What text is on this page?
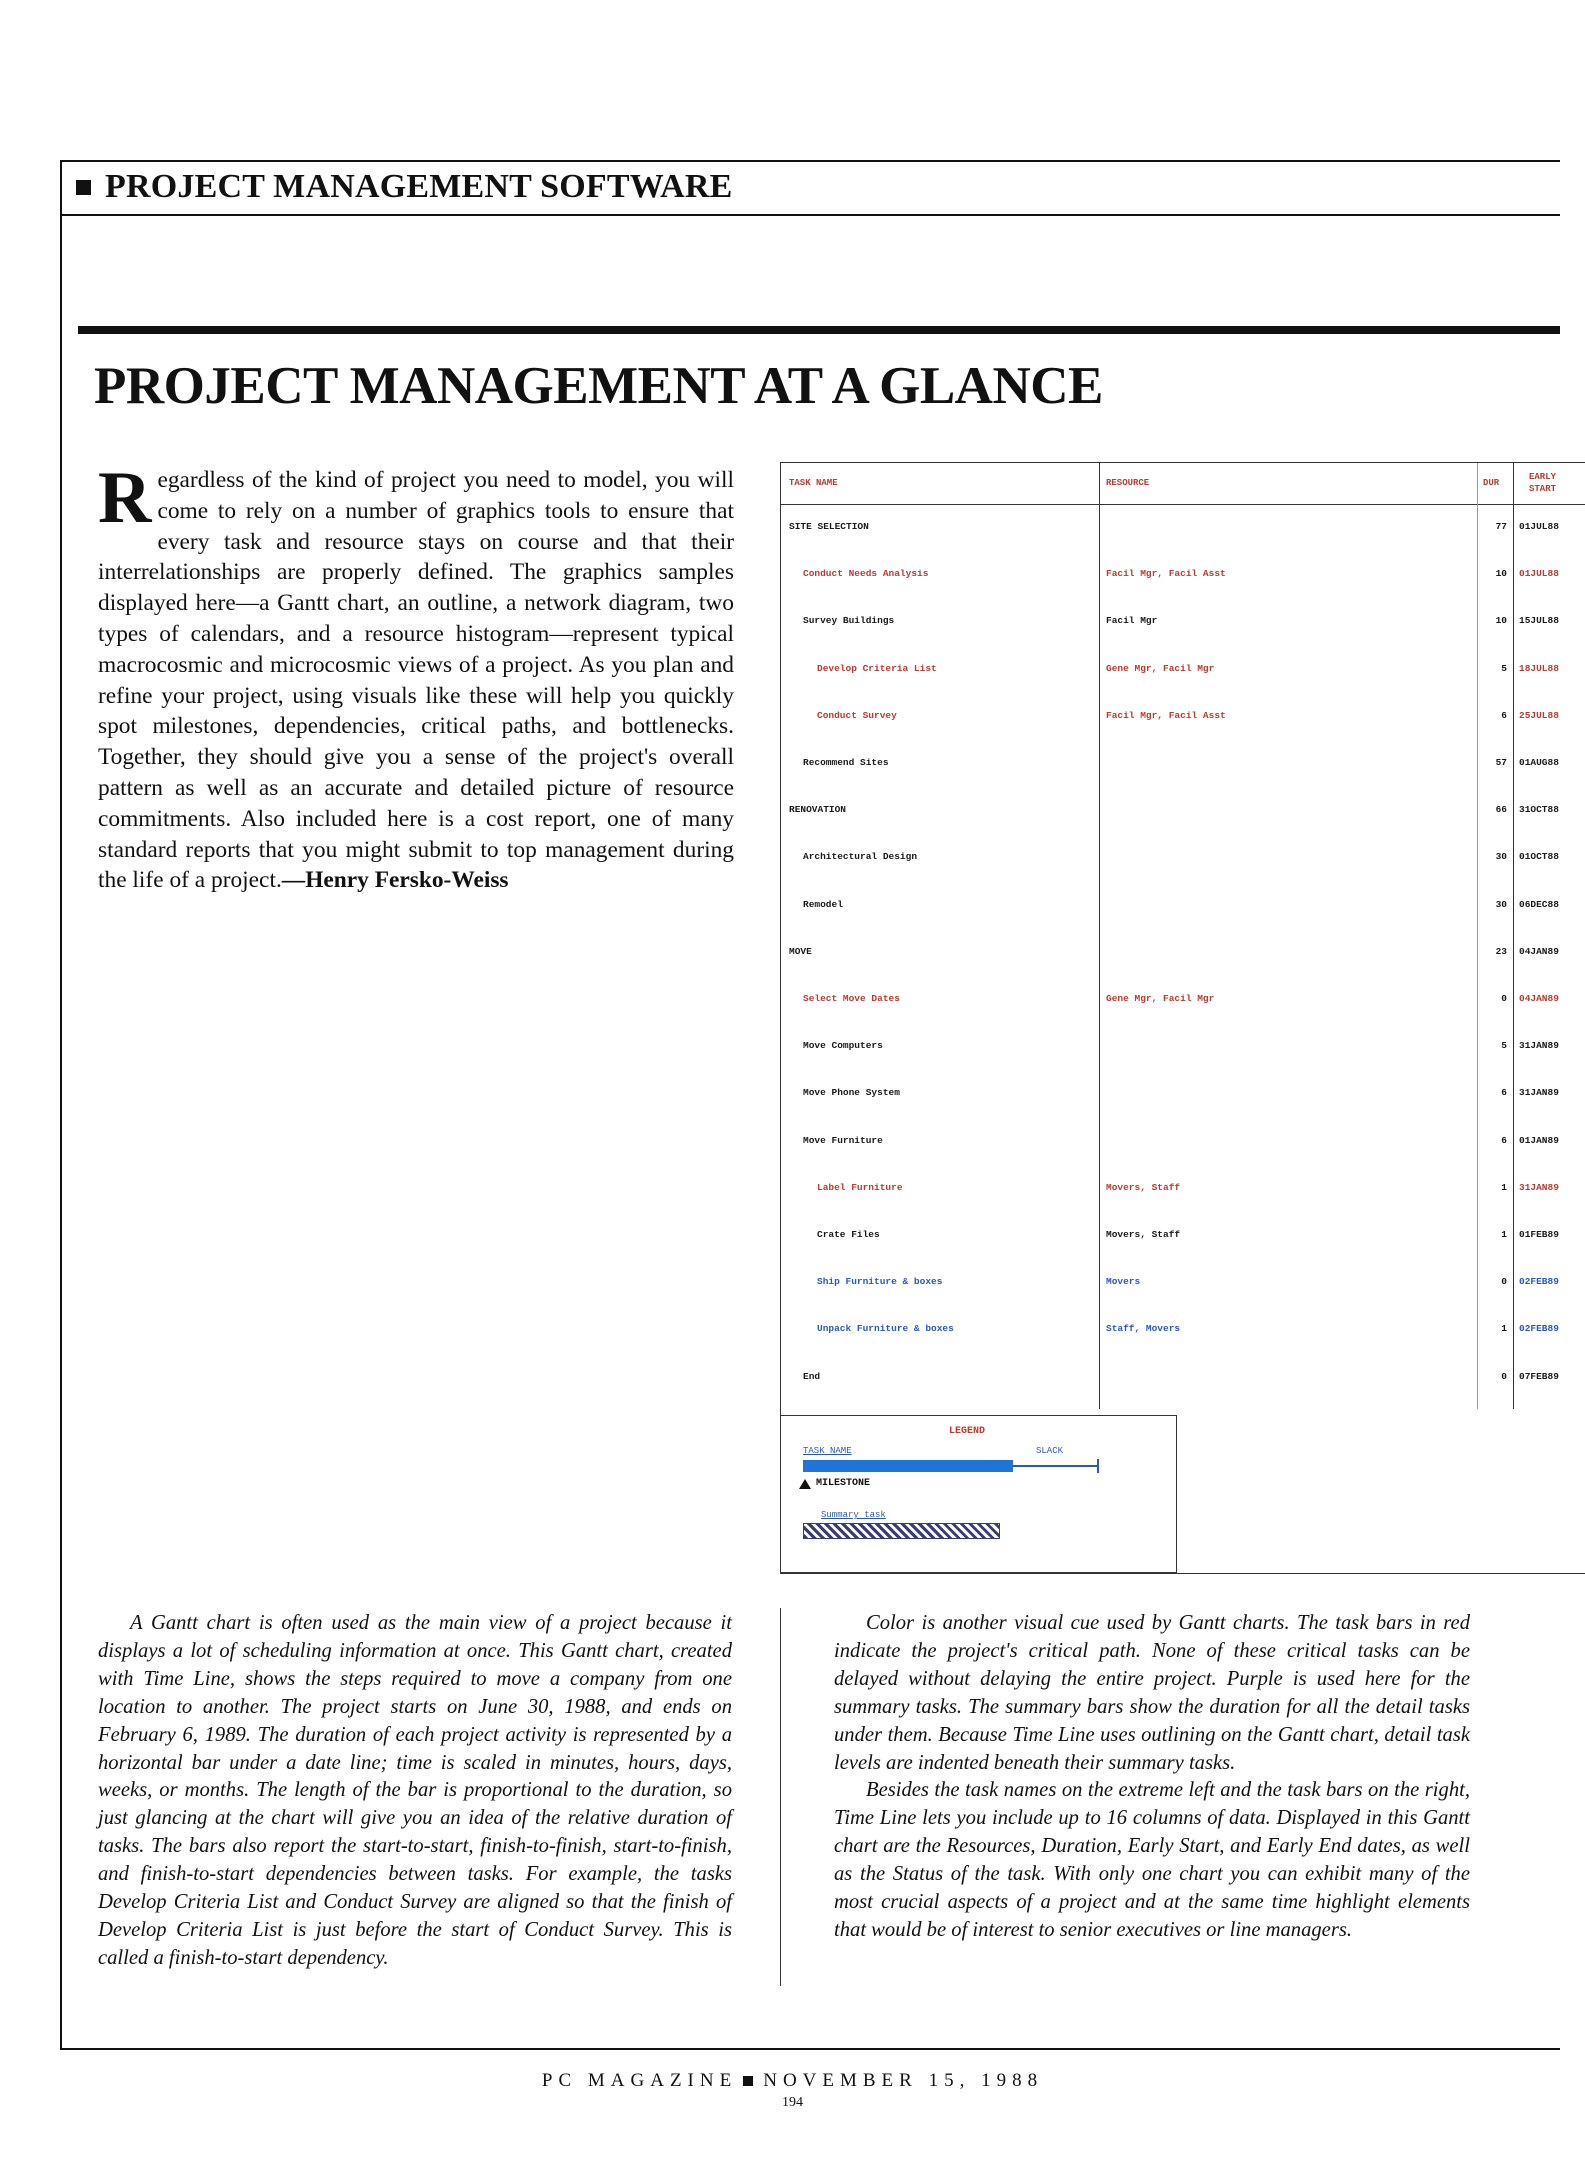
PROJECT MANAGEMENT SOFTWARE
PROJECT MANAGEMENT AT A GLANCE
Regardless of the kind of project you need to model, you will come to rely on a number of graphics tools to ensure that every task and resource stays on course and that their interrelationships are properly defined. The graphics samples displayed here—a Gantt chart, an outline, a network diagram, two types of calendars, and a resource histogram—represent typical macrocosmic and microcosmic views of a project. As you plan and refine your project, using visuals like these will help you quickly spot milestones, dependencies, critical paths, and bottlenecks. Together, they should give you a sense of the project's overall pattern as well as an accurate and detailed picture of resource commitments. Also included here is a cost report, one of many standard reports that you might submit to top management during the life of a project.—Henry Fersko-Weiss
TASK NAME	RESOURCE	DUR
EARLY
START
SITE SELECTION	77 01JUL88
Conduct Needs Analysis	Facil Mgr, Facil Asst	10 01JUL88
Survey Buildings	Facil Mgr	10 15JUL88
Develop Criteria List	Gene Mgr, Facil Mgr	5 18JUL88
Conduct Survey	Facil Mgr, Facil Asst	6 25JUL88
Recommend Sites	57 01AUG88
RENOVATION	66 31OCT88
Architectural Design	30 01OCT88
Remodel	30 06DEC88
MOVE	23 04JAN89
Select Move Dates	Gene Mgr, Facil Mgr	0 04JAN89
Move Computers	5 31JAN89
Move Phone System	6 31JAN89
Move Furniture	6 01JAN89
Label Furniture	Movers, Staff	1 31JAN89
Crate Files	Movers, Staff	1 01FEB89
Ship Furniture & boxes	Movers	0 02FEB89
Unpack Furniture & boxes	Staff, Movers	1 02FEB89
End	0 07FEB89
LEGEND
TASK NAME	SLACK
MILESTONE
Summary task

A Gantt chart is often used as the main view of a project because it displays a lot of scheduling information at once. This Gantt chart, created with Time Line, shows the steps required to move a company from one location to another. The project starts on June 30, 1988, and ends on February 6, 1989. The duration of each project activity is represented by a horizontal bar under a date line; time is scaled in minutes, hours, days, weeks, or months. The length of the bar is proportional to the duration, so just glancing at the chart will give you an idea of the relative duration of tasks. The bars also report the start-to-start, finish-to-finish, start-to-finish, and finish-to-start dependencies between tasks. For example, the tasks Develop Criteria List and Conduct Survey are aligned so that the finish of Develop Criteria List is just before the start of Conduct Survey. This is called a finish-to-start dependency.

Color is another visual cue used by Gantt charts. The task bars in red indicate the project's critical path. None of these critical tasks can be delayed without delaying the entire project. Purple is used here for the summary tasks. The summary bars show the duration for all the detail tasks under them. Because Time Line uses outlining on the Gantt chart, detail task levels are indented beneath their summary tasks.

Besides the task names on the extreme left and the task bars on the right, Time Line lets you include up to 16 columns of data. Displayed in this Gantt chart are the Resources, Duration, Early Start, and Early End dates, as well as the Status of the task. With only one chart you can exhibit many of the most crucial aspects of a project and at the same time highlight elements that would be of interest to senior executives or line managers.

PC MAGAZINE NOVEMBER 15, 1988
194
